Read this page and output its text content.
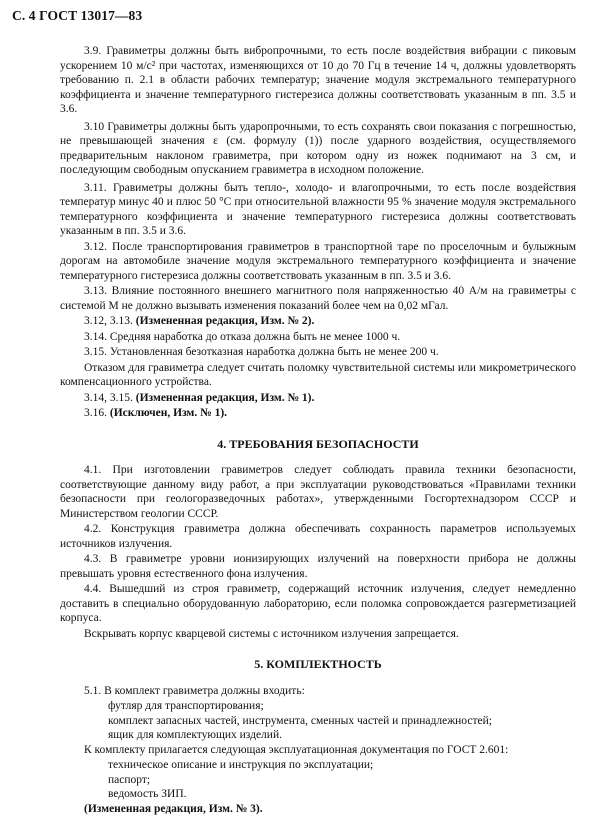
С. 4 ГОСТ 13017—83

3.9. Гравиметры должны быть вибропрочными, то есть после воздействия вибрации с пиковым ускорением 10 м/с² при частотах, изменяющихся от 10 до 70 Гц в течение 14 ч, должны удовлетворять требованию п. 2.1 в области рабочих температур; значение модуля экстремального температурного коэффициента и значение температурного гистерезиса должны соответствовать указанным в пп. 3.5 и 3.6.

3.10 Гравиметры должны быть ударопрочными, то есть сохранять свои показания с погрешностью, не превышающей значения ε (см. формулу (1)) после ударного воздействия, осуществляемого предварительным наклоном гравиметра, при котором одну из ножек поднимают на 3 см, и последующим свободным опусканием гравиметра в исходном положение.

3.11. Гравиметры должны быть тепло-, холодо- и влагопрочными, то есть после воздействия температур минус 40 и плюс 50 °С при относительной влажности 95 % значение модуля экстремального температурного коэффициента и значение температурного гистерезиса должны соответствовать указанным в пп. 3.5 и 3.6.

3.12. После транспортирования гравиметров в транспортной таре по проселочным и булыжным дорогам на автомобиле значение модуля экстремального температурного коэффициента и значение температурного гистерезиса должны соответствовать указанным в пп. 3.5 и 3.6.

3.13. Влияние постоянного внешнего магнитного поля напряженностью 40 А/м на гравиметры с системой М не должно вызывать изменения показаний более чем на 0,02 мГал.

3.12, 3.13. (Измененная редакция, Изм. № 2).

3.14. Средняя наработка до отказа должна быть не менее 1000 ч.

3.15. Установленная безотказная наработка должна быть не менее 200 ч.

Отказом для гравиметра следует считать поломку чувствительной системы или микрометрического компенсационного устройства.

3.14, 3.15. (Измененная редакция, Изм. № 1).

3.16. (Исключен, Изм. № 1).

4. ТРЕБОВАНИЯ БЕЗОПАСНОСТИ

4.1. При изготовлении гравиметров следует соблюдать правила техники безопасности, соответствующие данному виду работ, а при эксплуатации руководствоваться «Правилами техники безопасности при геологоразведочных работах», утвержденными Госгортехнадзором СССР и Министерством геологии СССР.

4.2. Конструкция гравиметра должна обеспечивать сохранность параметров используемых источников излучения.

4.3. В гравиметре уровни ионизирующих излучений на поверхности прибора не должны превышать уровня естественного фона излучения.

4.4. Вышедший из строя гравиметр, содержащий источник излучения, следует немедленно доставить в специально оборудованную лабораторию, если поломка сопровождается разгерметизацией корпуса.

Вскрывать корпус кварцевой системы с источником излучения запрещается.

5. КОМПЛЕКТНОСТЬ

5.1. В комплект гравиметра должны входить:

футляр для транспортирования;

комплект запасных частей, инструмента, сменных частей и принадлежностей;

ящик для комплектующих изделий.

К комплекту прилагается следующая эксплуатационная документация по ГОСТ 2.601:

техническое описание и инструкция по эксплуатации;

паспорт;

ведомость ЗИП.

(Измененная редакция, Изм. № 3).
